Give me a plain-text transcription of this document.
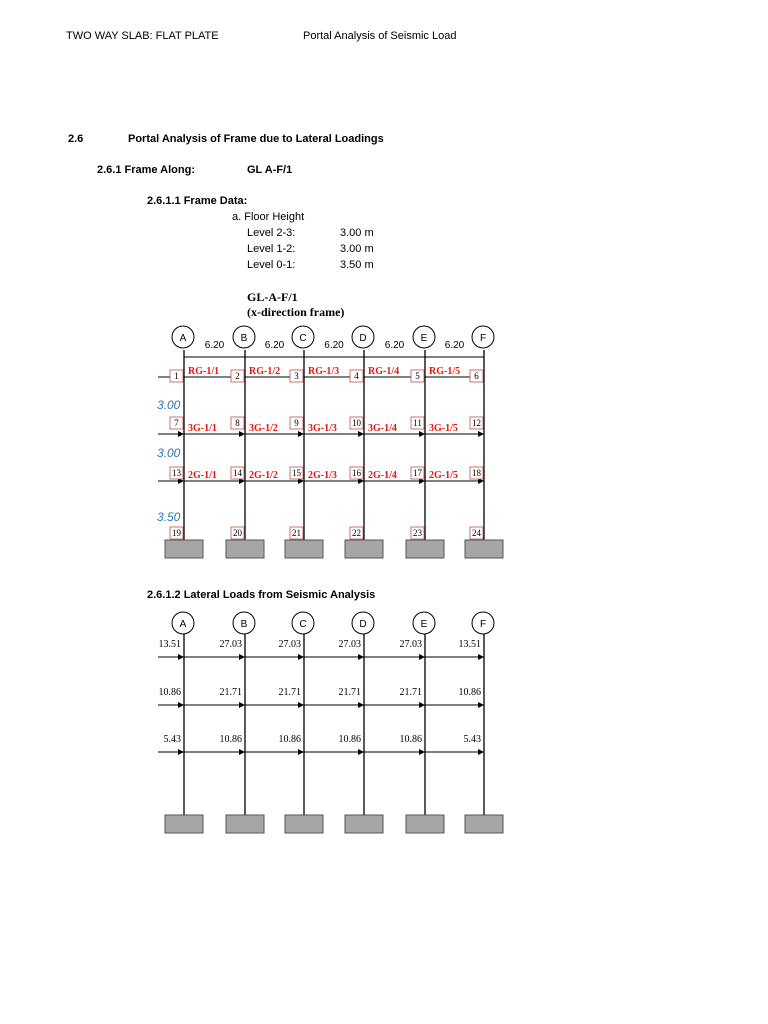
TWO WAY SLAB: FLAT PLATE	Portal Analysis of Seismic Load
2.6	Portal Analysis of Frame due to Lateral Loadings
2.6.1 Frame Along:	GL A-F/1
2.6.1.1 Frame Data:
a. Floor Height
Level 2-3:	3.00 m
Level 1-2:	3.00 m
Level 0-1:	3.50 m
GL-A-F/1
(x-direction frame)
A	B	C	D	E	F
6.20	6.20	6.20	6.20	6.20
RG-1/1	RG-1/2	RG-1/3	RG-1/4	RG-1/5
3G-1/1	3G-1/2	3G-1/3	3G-1/4	3G-1/5
2G-1/1	2G-1/2	2G-1/3	2G-1/4	2G-1/5
1	2	3	4	5	6
7	8	9	10	11	12
13	14	15	16	17	18
19	20	21	22	23	24
3.00
3.00
3.50
2.6.1.2 Lateral Loads from Seismic Analysis
A	B	C	D	E	F
13.51	27.03	27.03	27.03	27.03	13.51
10.86	21.71	21.71	21.71	21.71	10.86
5.43	10.86	10.86	10.86	10.86	5.43
